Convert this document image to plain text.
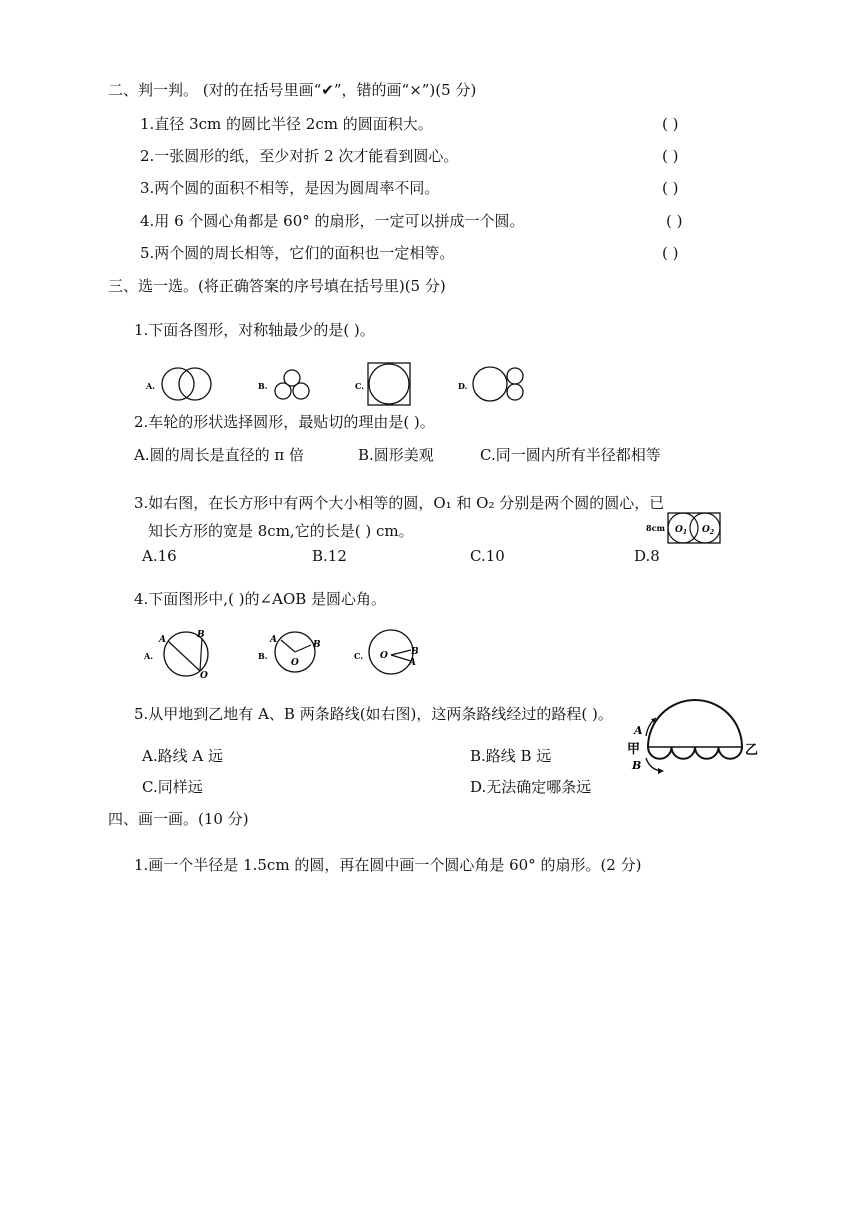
二、判一判。 (对的在括号里画“✔”，错的画“×”)(5 分)
1.直径 3cm 的圆比半径 2cm 的圆面积大。	( )
2.一张圆形的纸，至少对折 2 次才能看到圆心。	( )
3.两个圆的面积不相等，是因为圆周率不同。	( )
4.用 6 个圆心角都是 60° 的扇形，一定可以拼成一个圆。	( )
5.两个圆的周长相等，它们的面积也一定相等。	( )
三、选一选。(将正确答案的序号填在括号里)(5 分)
1.下面各图形，对称轴最少的是( )。
A.	B.	C.	D.
2.车轮的形状选择圆形，最贴切的理由是( )。
A.圆的周长是直径的 π 倍	B.圆形美观	C.同一圆内所有半径都相等
3.如右图，在长方形中有两个大小相等的圆，O₁ 和 O₂ 分别是两个圆的圆心，已
知长方形的宽是 8cm,它的长是( ) cm。	8cm $O_1$ $O_2$
A.16	B.12	C.10	D.8
4.下面图形中,( )的∠AOB 是圆心角。
A.
A	B
O
B.
A	B
O
C. O	B
A
5.从甲地到乙地有 A、B 两条路线(如右图)，这两条路线经过的路程( )。
A
甲
B
乙
A.路线 A 远	B.路线 B 远
C.同样远	D.无法确定哪条远
四、画一画。(10 分)
1.画一个半径是 1.5cm 的圆，再在圆中画一个圆心角是 60° 的扇形。(2 分)
